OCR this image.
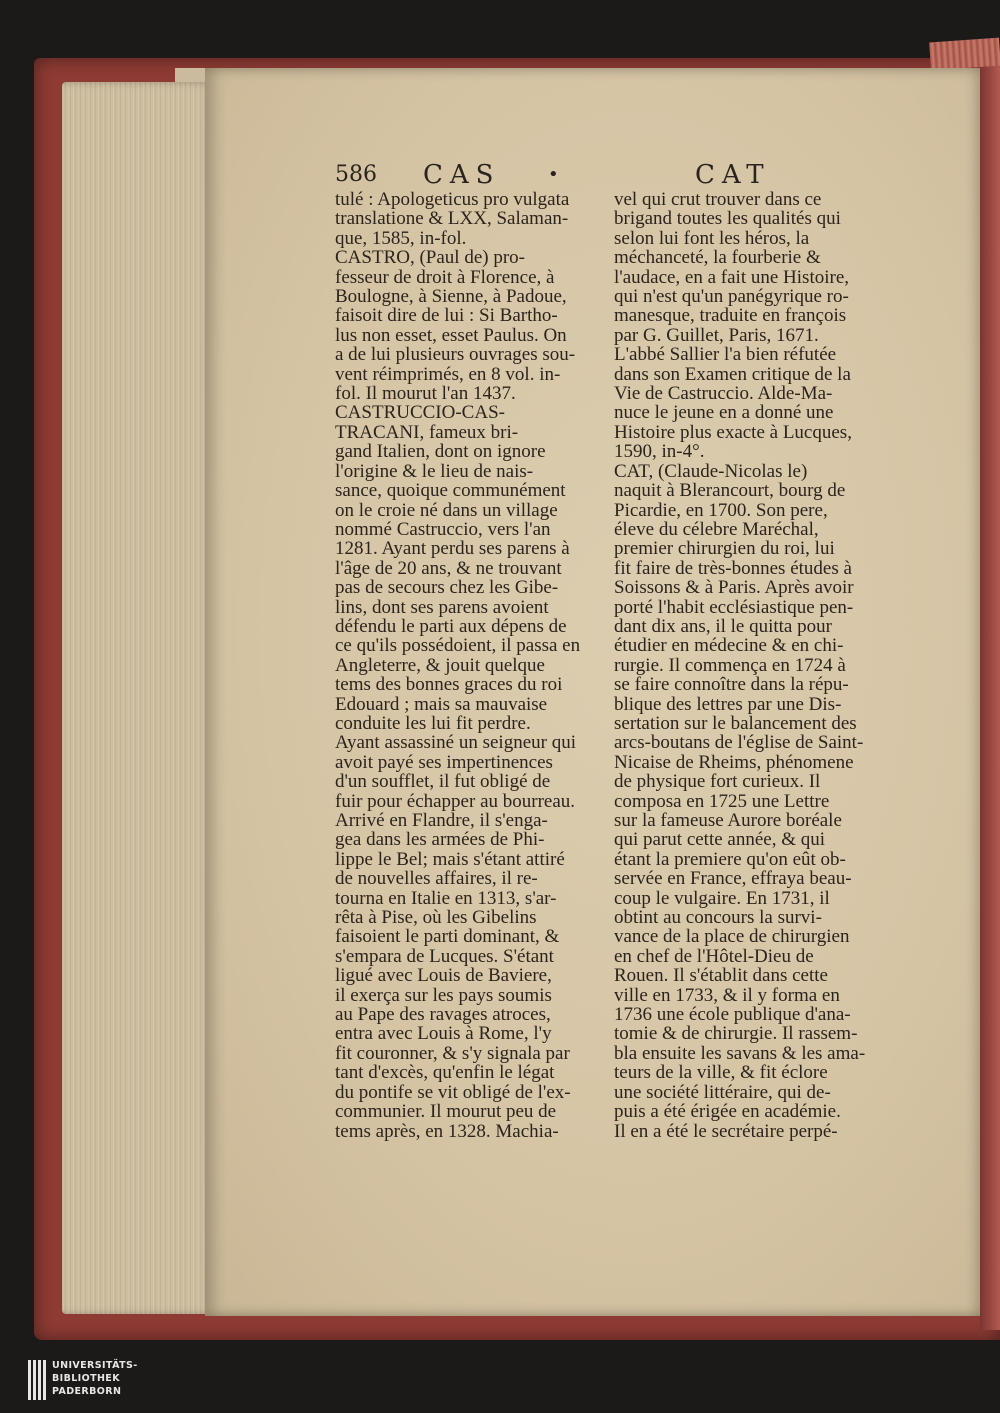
586 CAS	•	CAT
tulé : Apologeticus pro vulgata
translatione & LXX, Salaman-
que, 1585, in-fol.
CASTRO, (Paul de) pro-
fesseur de droit à Florence, à
Boulogne, à Sienne, à Padoue,
faisoit dire de lui : Si Bartho-
lus non esset, esset Paulus. On
a de lui plusieurs ouvrages sou-
vent réimprimés, en 8 vol. in-
fol. Il mourut l'an 1437.
CASTRUCCIO-CAS-
TRACANI, fameux bri-
gand Italien, dont on ignore
l'origine & le lieu de nais-
sance, quoique communément
on le croie né dans un village
nommé Castruccio, vers l'an
1281. Ayant perdu ses parens à
l'âge de 20 ans, & ne trouvant
pas de secours chez les Gibe-
lins, dont ses parens avoient
défendu le parti aux dépens de
ce qu'ils possédoient, il passa en
Angleterre, & jouit quelque
tems des bonnes graces du roi
Edouard ; mais sa mauvaise
conduite les lui fit perdre.
Ayant assassiné un seigneur qui
avoit payé ses impertinences
d'un soufflet, il fut obligé de
fuir pour échapper au bourreau.
Arrivé en Flandre, il s'enga-
gea dans les armées de Phi-
lippe le Bel; mais s'étant attiré
de nouvelles affaires, il re-
tourna en Italie en 1313, s'ar-
rêta à Pise, où les Gibelins
faisoient le parti dominant, &
s'empara de Lucques. S'étant
ligué avec Louis de Baviere,
il exerça sur les pays soumis
au Pape des ravages atroces,
entra avec Louis à Rome, l'y
fit couronner, & s'y signala par
tant d'excès, qu'enfin le légat
du pontife se vit obligé de l'ex-
communier. Il mourut peu de
tems après, en 1328. Machia-
vel qui crut trouver dans ce
brigand toutes les qualités qui
selon lui font les héros, la
méchanceté, la fourberie &
l'audace, en a fait une Histoire,
qui n'est qu'un panégyrique ro-
manesque, traduite en françois
par G. Guillet, Paris, 1671.
L'abbé Sallier l'a bien réfutée
dans son Examen critique de la
Vie de Castruccio. Alde-Ma-
nuce le jeune en a donné une
Histoire plus exacte à Lucques,
1590, in-4°.
CAT, (Claude-Nicolas le)
naquit à Blerancourt, bourg de
Picardie, en 1700. Son pere,
éleve du célebre Maréchal,
premier chirurgien du roi, lui
fit faire de très-bonnes études à
Soissons & à Paris. Après avoir
porté l'habit ecclésiastique pen-
dant dix ans, il le quitta pour
étudier en médecine & en chi-
rurgie. Il commença en 1724 à
se faire connoître dans la répu-
blique des lettres par une Dis-
sertation sur le balancement des
arcs-boutans de l'église de Saint-
Nicaise de Rheims, phénomene
de physique fort curieux. Il
composa en 1725 une Lettre
sur la fameuse Aurore boréale
qui parut cette année, & qui
étant la premiere qu'on eût ob-
servée en France, effraya beau-
coup le vulgaire. En 1731, il
obtint au concours la survi-
vance de la place de chirurgien
en chef de l'Hôtel-Dieu de
Rouen. Il s'établit dans cette
ville en 1733, & il y forma en
1736 une école publique d'ana-
tomie & de chirurgie. Il rassem-
bla ensuite les savans & les ama-
teurs de la ville, & fit éclore
une société littéraire, qui de-
puis a été érigée en académie.
Il en a été le secrétaire perpé-
UNIVERSITÄTS-
BIBLIOTHEK
PADERBORN
